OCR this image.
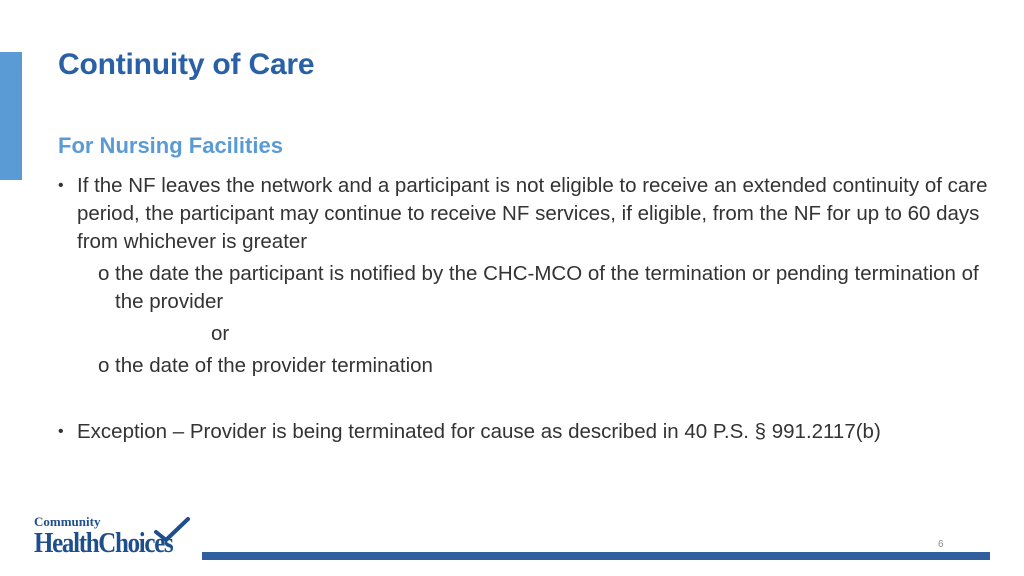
Continuity of Care
For Nursing Facilities
• If the NF leaves the network and a participant is not eligible to receive an extended continuity of care period, the participant may continue to receive NF services, if eligible, from the NF for up to 60 days from whichever is greater
o the date the participant is notified by the CHC-MCO of the termination or pending termination of the provider
or
o the date of the provider termination
• Exception – Provider is being terminated for cause as described in 40 P.S. § 991.2117(b)
Community
HealthChoices	6
